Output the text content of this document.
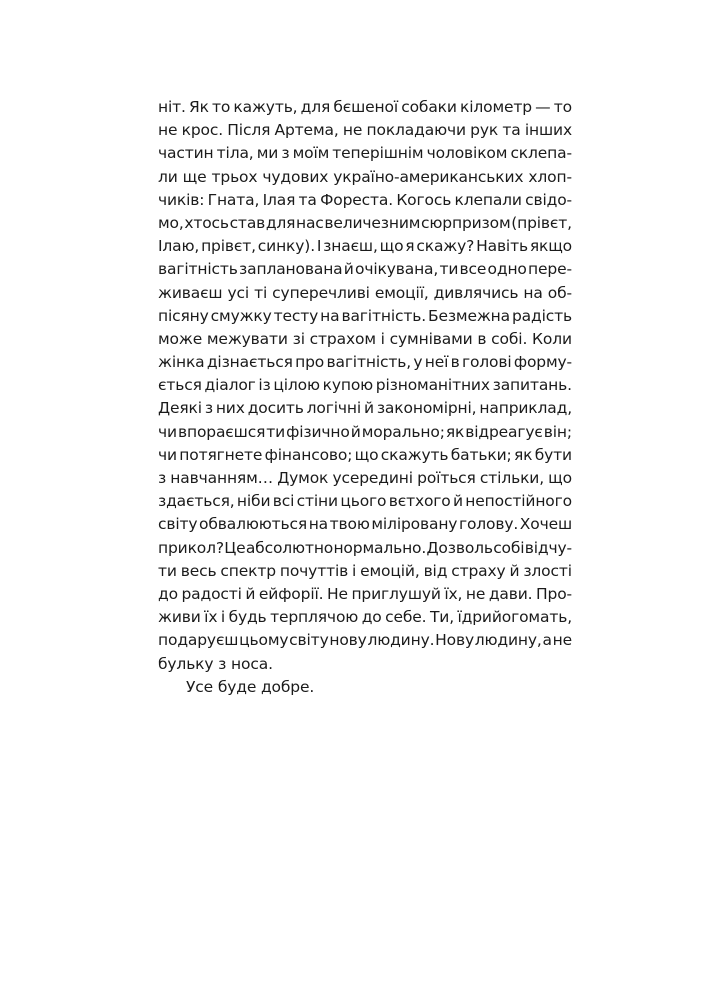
ніт. Як то кажуть, для бєшеної собаки кілометр — то
не крос. Після Артема, не покладаючи рук та інших
частин тіла, ми з моїм теперішнім чоловіком склепа-
ли ще трьох чудових україно-американських хлоп-
чиків: Гната, Ілая та Фореста. Когось клепали свідо-
мо, хтось став для нас величезним сюрпризом (прівєт,
Ілаю, прівєт, синку). І знаєш, що я скажу? Навіть якщо
вагітність запланована й очікувана, ти все одно пере-
живаєш усі ті суперечливі емоції, дивлячись на об-
пісяну смужку тесту на вагітність. Безмежна радість
може межувати зі страхом і сумнівами в собі. Коли
жінка дізнається про вагітність, у неї в голові форму-
ється діалог із цілою купою різноманітних запитань.
Деякі з них досить логічні й закономірні, наприклад,
чи впораєшся ти фізично й морально; як відреагує він;
чи потягнете фінансово; що скажуть батьки; як бути
з навчанням… Думок усередині роїться стільки, що
здається, ніби всі стіни цього вєтхого й непостійного
світу обвалюються на твою міліровану голову. Хочеш
прикол? Це абсолютно нормально. Дозволь собі відчу-
ти весь спектр почуттів і емоцій, від страху й злості
до радості й ейфорії. Не приглушуй їх, не дави. Про-
живи їх і будь терплячою до себе. Ти, їдрийогомать,
подаруєш цьому світу нову людину. Нову людину, а не
бульку з носа.
Усе буде добре.
